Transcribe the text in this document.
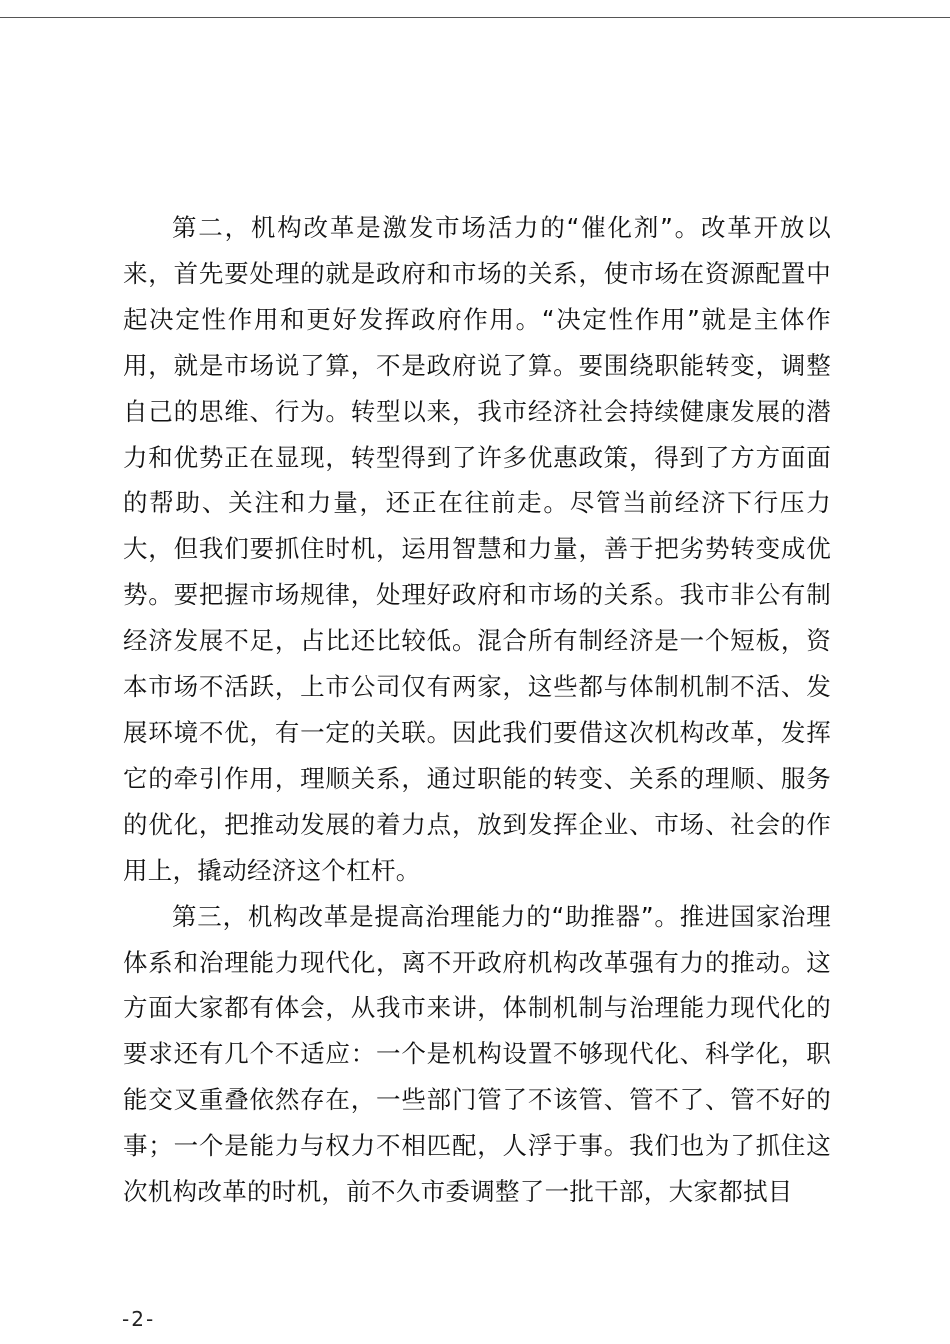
第二，机构改革是激发市场活力的“催化剂”。改革开放以来，首先要处理的就是政府和市场的关系，使市场在资源配置中起决定性作用和更好发挥政府作用。“决定性作用”就是主体作用，就是市场说了算，不是政府说了算。要围绕职能转变，调整自己的思维、行为。转型以来，我市经济社会持续健康发展的潜力和优势正在显现，转型得到了许多优惠政策，得到了方方面面的帮助、关注和力量，还正在往前走。尽管当前经济下行压力大，但我们要抓住时机，运用智慧和力量，善于把劣势转变成优势。要把握市场规律，处理好政府和市场的关系。我市非公有制经济发展不足，占比还比较低。混合所有制经济是一个短板，资本市场不活跃，上市公司仅有两家，这些都与体制机制不活、发展环境不优，有一定的关联。因此我们要借这次机构改革，发挥它的牵引作用，理顺关系，通过职能的转变、关系的理顺、服务的优化，把推动发展的着力点，放到发挥企业、市场、社会的作用上，撬动经济这个杠杆。

第三，机构改革是提高治理能力的“助推器”。推进国家治理体系和治理能力现代化，离不开政府机构改革强有力的推动。这方面大家都有体会，从我市来讲，体制机制与治理能力现代化的要求还有几个不适应：一个是机构设置不够现代化、科学化，职能交叉重叠依然存在，一些部门管了不该管、管不了、管不好的事；一个是能力与权力不相匹配，人浮于事。我们也为了抓住这次机构改革的时机，前不久市委调整了一批干部，大家都拭目

-2-
